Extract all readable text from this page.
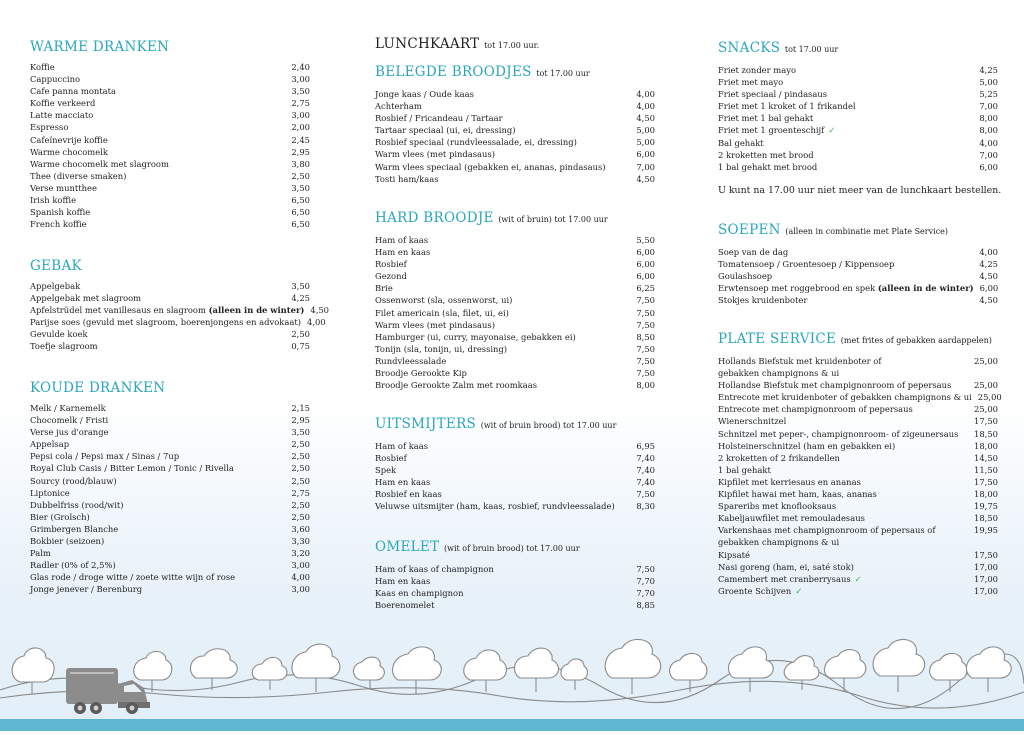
WARME DRANKEN
Koffie	2,40
Cappuccino	3,00
Cafe panna montata	3,50
Koffie verkeerd	2,75
Latte macciato	3,00
Espresso	2,00
Cafeïnevrije koffie	2,45
Warme chocomelk	2,95
Warme chocomelk met slagroom	3,80
Thee (diverse smaken)	2,50
Verse muntthee	3,50
Irish koffie	6,50
Spanish koffie	6,50
French koffie	6,50
GEBAK
Appelgebak	3,50
Appelgebak met slagroom	4,25
Apfelstrüdel met vanillesaus en slagroom (alleen in de winter) 4,50
Parijse soes (gevuld met slagroom, boerenjongens en advokaat) 4,00
Gevulde koek	2,50
Toefje slagroom	0,75
KOUDE DRANKEN
Melk / Karnemelk	2,15
Chocomelk / Fristi	2,95
Verse jus d'orange	3,50
Appelsap	2,50
Pepsi cola / Pepsi max / Sinas / 7up	2,50
Royal Club Casis / Bitter Lemon / Tonic / Rivella	2,50
Sourcy (rood/blauw)	2,50
Liptonice	2,75
Dubbelfriss (rood/wit)	2,50
Bier (Grolsch)	2,50
Grimbergen Blanche	3,60
Bokbier (seizoen)	3,30
Palm	3,20
Radler (0% of 2,5%)	3,00
Glas rode / droge witte / zoete witte wijn of rose	4,00
Jonge jenever / Berenburg	3,00
LUNCHKAART tot 17.00 uur.
BELEGDE BROODJES tot 17.00 uur
Jonge kaas / Oude kaas	4,00
Achterham	4,00
Rosbief / Fricandeau / Tartaar	4,50
Tartaar speciaal (ui, ei, dressing)	5,00
Rosbief speciaal (rundvleessalade, ei, dressing)	5,00
Warm vlees (met pindasaus)	6,00
Warm vlees speciaal (gebakken ei, ananas, pindasaus)	7,00
Tosti ham/kaas	4,50
HARD BROODJE (wit of bruin) tot 17.00 uur
Ham of kaas	5,50
Ham en kaas	6,00
Rosbief	6,00
Gezond	6,00
Brie	6,25
Ossenworst (sla, ossenworst, ui)	7,50
Filet americain (sla, filet, ui, ei)	7,50
Warm vlees (met pindasaus)	7,50
Hamburger (ui, curry, mayonaise, gebakken ei)	8,50
Tonijn (sla, tonijn, ui, dressing)	7,50
Rundvleessalade	7,50
Broodje Gerookte Kip	7,50
Broodje Gerookte Zalm met roomkaas	8,00
UITSMIJTERS (wit of bruin brood) tot 17.00 uur
Ham of kaas	6,95
Rosbief	7,40
Spek	7,40
Ham en kaas	7,40
Rosbief en kaas	7,50
Veluwse uitsmijter (ham, kaas, rosbief, rundvleessalade)	8,30
OMELET (wit of bruin brood) tot 17.00 uur
Ham of kaas of champignon	7,50
Ham en kaas	7,70
Kaas en champignon	7,70
Boerenomelet	8,85
SNACKS tot 17.00 uur
Friet zonder mayo	4,25
Friet met mayo	5,00
Friet speciaal / pindasaus	5,25
Friet met 1 kroket of 1 frikandel	7,00
Friet met 1 bal gehakt	8,00
Friet met 1 groenteschijf ✓	8,00
Bal gehakt	4,00
2 kroketten met brood	7,00
1 bal gehakt met brood	6,00
U kunt na 17.00 uur niet meer van de lunchkaart bestellen.
SOEPEN (alleen in combinatie met Plate Service)
Soep van de dag	4,00
Tomatensoep / Groentesoep / Kippensoep	4,25
Goulashsoep	4,50
Erwtensoep met roggebrood en spek (alleen in de winter) 6,00
Stokjes kruidenboter	4,50
PLATE SERVICE (met frites of gebakken aardappelen)
Hollands Biefstuk met kruidenboter of	25,00
gebakken champignons & ui
Hollandse Biefstuk met champignonroom of pepersaus	25,00
Entrecote met kruidenboter of gebakken champignons & ui 25,00
Entrecote met champignonroom of pepersaus	25,00
Wienerschnitzel	17,50
Schnitzel met peper-, champignonroom- of zigeunersaus	18,50
Holsteinerschnitzel (ham en gebakken ei)	18,00
2 kroketten of 2 frikandellen	14,50
1 bal gehakt	11,50
Kipfilet met kerriesaus en ananas	17,50
Kipfilet hawai met ham, kaas, ananas	18,00
Spareribs met knoflooksaus	19,75
Kabeljauwfilet met remouladesaus	18,50
Varkenshaas met champignonroom of pepersaus of	19,95
gebakken champignons & ui
Kipsaté	17,50
Nasi goreng (ham, ei, saté stok)	17,00
Camembert met cranberrysaus ✓	17,00
Groente Schijven ✓	17,00
